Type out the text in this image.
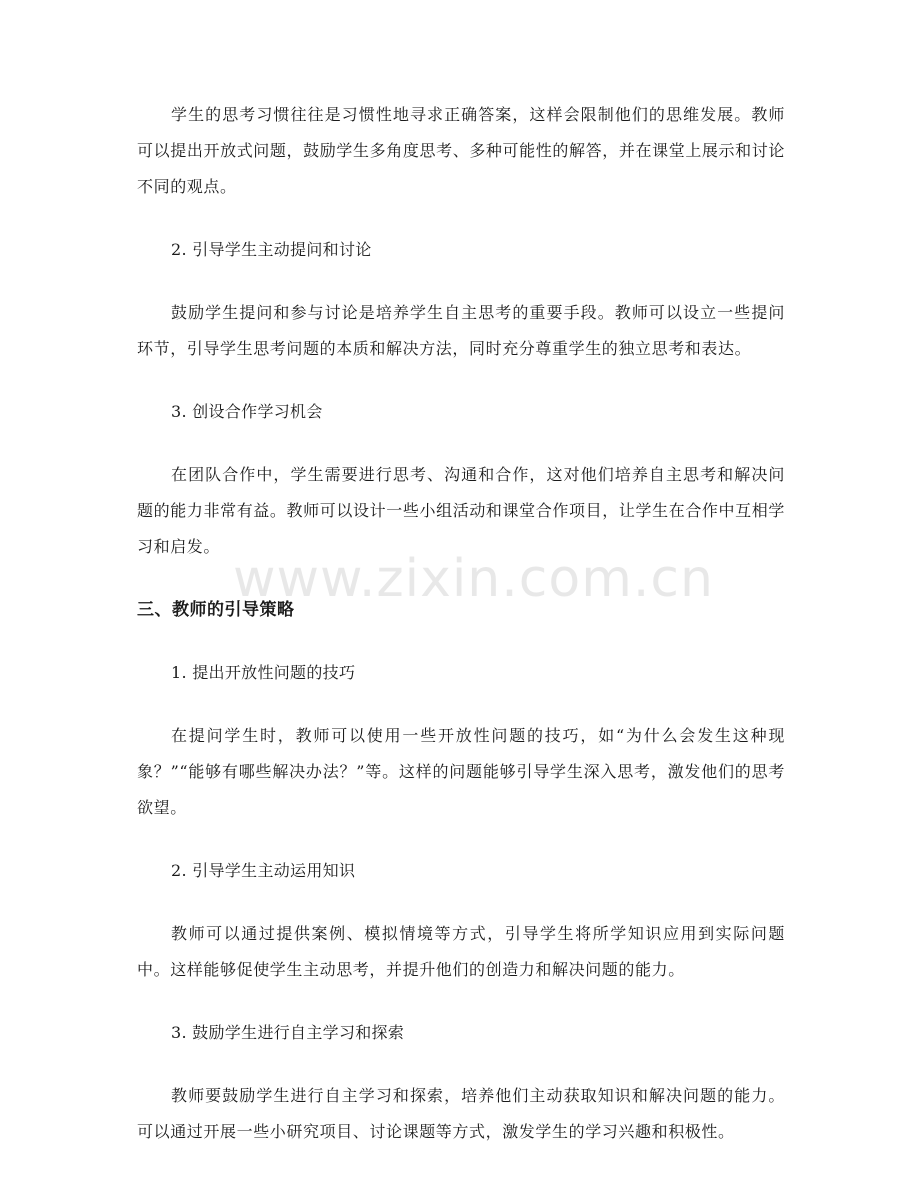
学生的思考习惯往往是习惯性地寻求正确答案，这样会限制他们的思维发展。教师可以提出开放式问题，鼓励学生多角度思考、多种可能性的解答，并在课堂上展示和讨论不同的观点。

2. 引导学生主动提问和讨论

鼓励学生提问和参与讨论是培养学生自主思考的重要手段。教师可以设立一些提问环节，引导学生思考问题的本质和解决方法，同时充分尊重学生的独立思考和表达。

3. 创设合作学习机会

在团队合作中，学生需要进行思考、沟通和合作，这对他们培养自主思考和解决问题的能力非常有益。教师可以设计一些小组活动和课堂合作项目，让学生在合作中互相学习和启发。

三、教师的引导策略

1. 提出开放性问题的技巧

在提问学生时，教师可以使用一些开放性问题的技巧，如“为什么会发生这种现象？”“能够有哪些解决办法？”等。这样的问题能够引导学生深入思考，激发他们的思考欲望。

2. 引导学生主动运用知识

教师可以通过提供案例、模拟情境等方式，引导学生将所学知识应用到实际问题中。这样能够促使学生主动思考，并提升他们的创造力和解决问题的能力。

3. 鼓励学生进行自主学习和探索

教师要鼓励学生进行自主学习和探索，培养他们主动获取知识和解决问题的能力。可以通过开展一些小研究项目、讨论课题等方式，激发学生的学习兴趣和积极性。

www.zixin.com.cn
